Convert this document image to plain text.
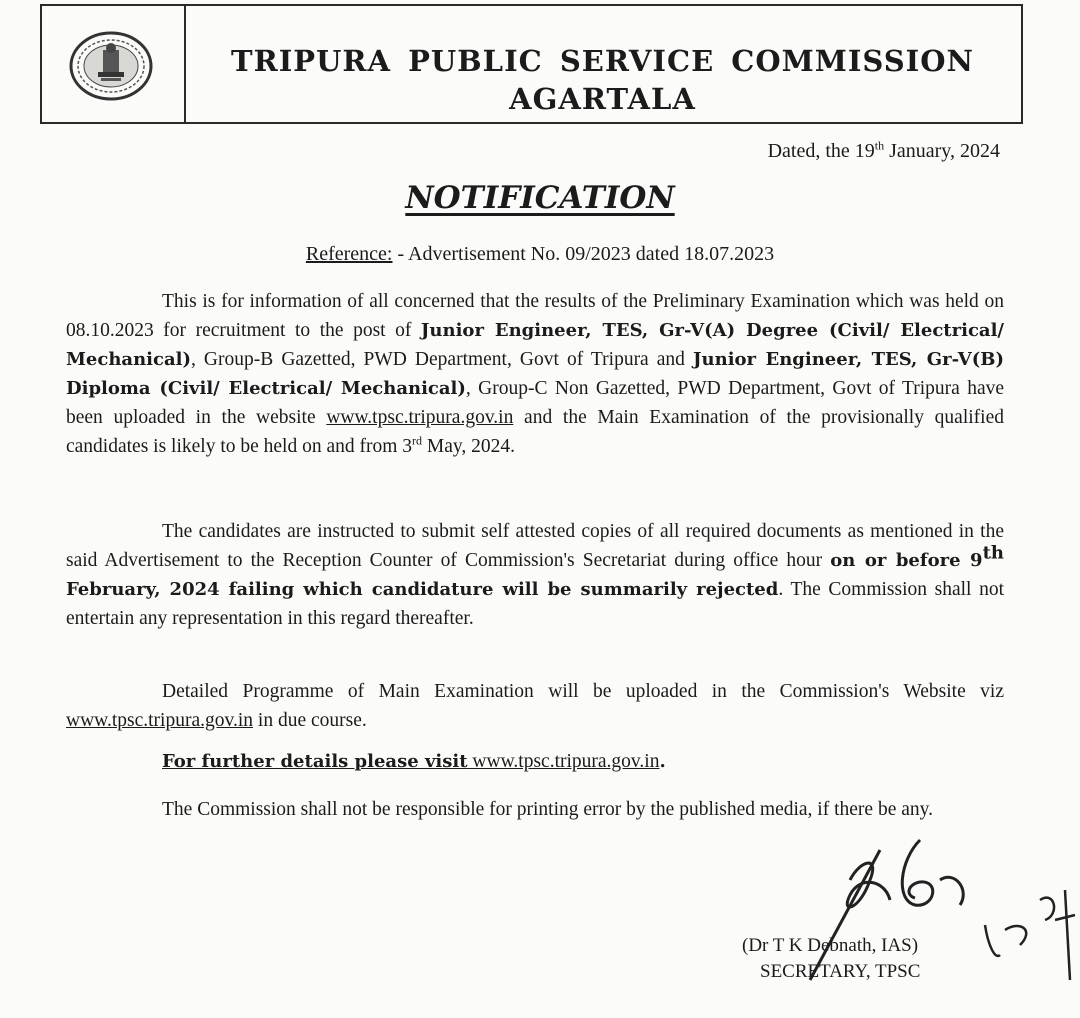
TRIPURA PUBLIC SERVICE COMMISSION
AGARTALA
Dated, the 19th January, 2024
NOTIFICATION
Reference: - Advertisement No. 09/2023 dated 18.07.2023
This is for information of all concerned that the results of the Preliminary Examination which was held on 08.10.2023 for recruitment to the post of Junior Engineer, TES, Gr-V(A) Degree (Civil/ Electrical/ Mechanical), Group-B Gazetted, PWD Department, Govt of Tripura and Junior Engineer, TES, Gr-V(B) Diploma (Civil/ Electrical/ Mechanical), Group-C Non Gazetted, PWD Department, Govt of Tripura have been uploaded in the website www.tpsc.tripura.gov.in and the Main Examination of the provisionally qualified candidates is likely to be held on and from 3rd May, 2024.
The candidates are instructed to submit self attested copies of all required documents as mentioned in the said Advertisement to the Reception Counter of Commission's Secretariat during office hour on or before 9th February, 2024 failing which candidature will be summarily rejected. The Commission shall not entertain any representation in this regard thereafter.
Detailed Programme of Main Examination will be uploaded in the Commission's Website viz www.tpsc.tripura.gov.in in due course.
For further details please visit www.tpsc.tripura.gov.in.
The Commission shall not be responsible for printing error by the published media, if there be any.
(Dr T K Debnath, IAS)
SECRETARY, TPSC
